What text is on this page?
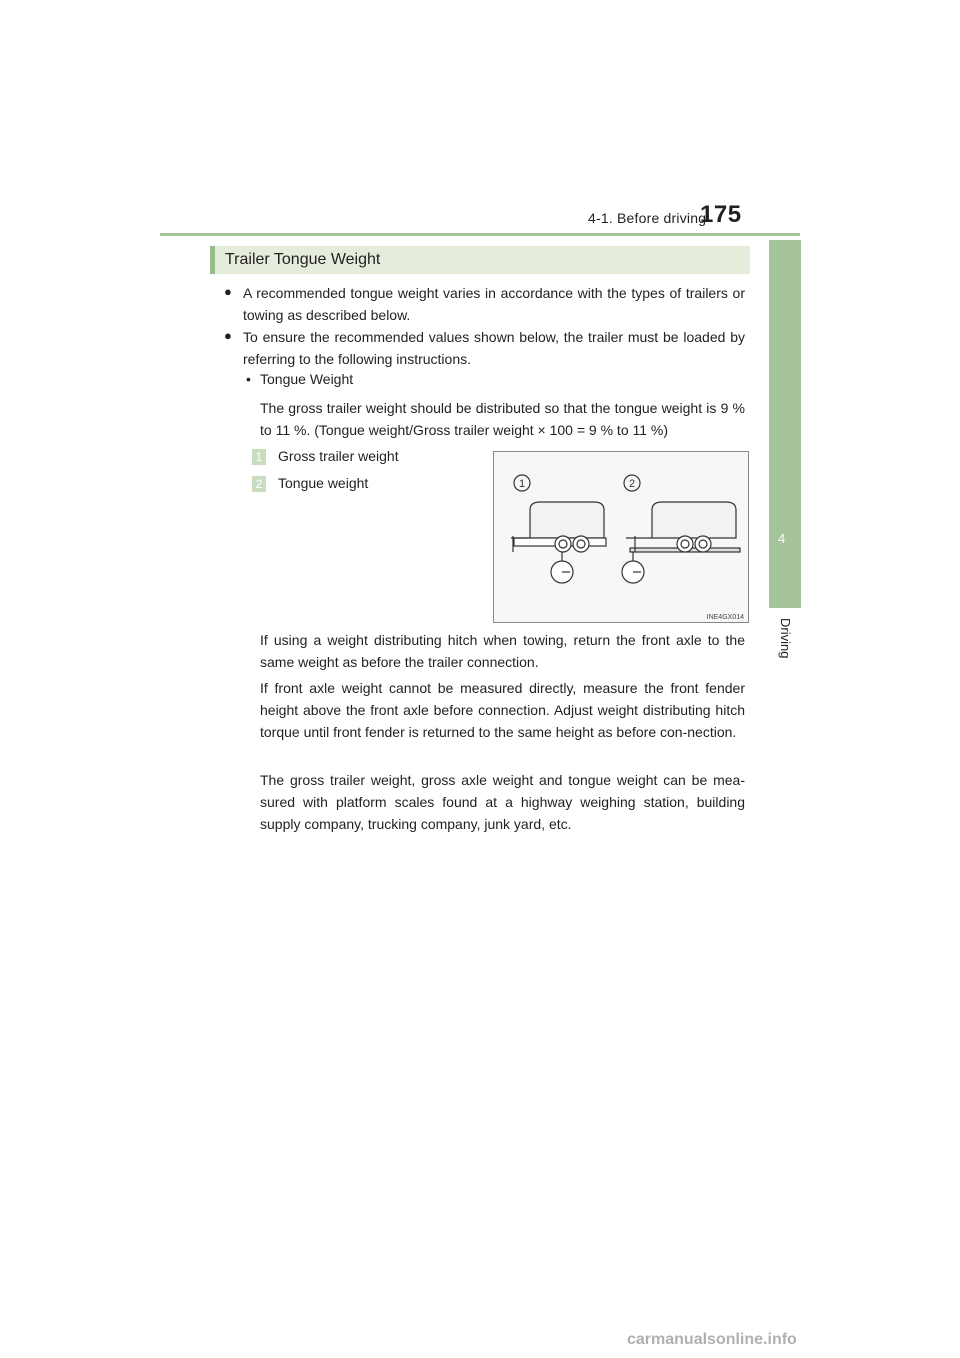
4-1. Before driving
175
4
Driving
Trailer Tongue Weight
● A recommended tongue weight varies in accordance with the types of trailers or towing as described below.
● To ensure the recommended values shown below, the trailer must be loaded by referring to the following instructions.
• Tongue Weight
The gross trailer weight should be distributed so that the tongue weight is 9 % to 11 %. (Tongue weight/Gross trailer weight × 100 = 9 % to 11 %)
1 Gross trailer weight
2 Tongue weight	1	2
INE4GX014
If using a weight distributing hitch when towing, return the front axle to the same weight as before the trailer connection.
If front axle weight cannot be measured directly, measure the front fender height above the front axle before connection. Adjust weight distributing hitch torque until front fender is returned to the same height as before con-nection.
The gross trailer weight, gross axle weight and tongue weight can be mea-sured with platform scales found at a highway weighing station, building supply company, trucking company, junk yard, etc.
carmanualsonline.info
